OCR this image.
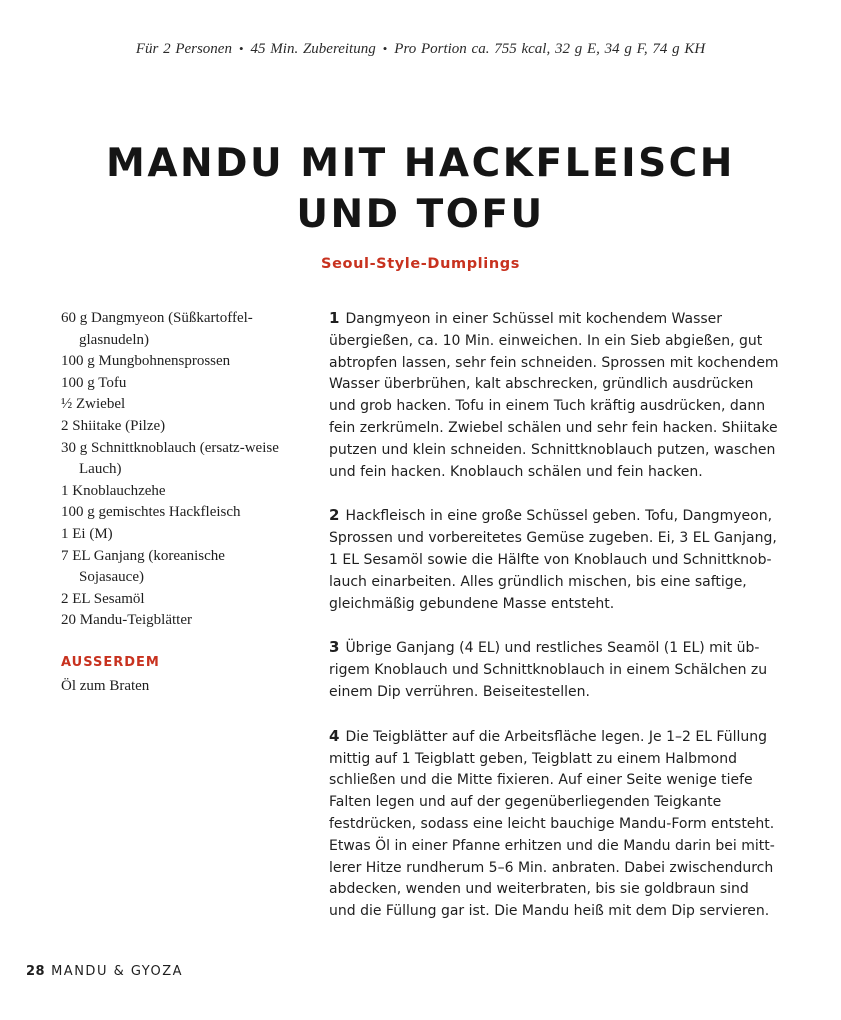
Für 2 Personen • 45 Min. Zubereitung • Pro Portion ca. 755 kcal, 32 g E, 34 g F, 74 g KH
MANDU MIT HACKFLEISCH
UND TOFU
Seoul-Style-Dumplings
60 g Dangmyeon (Süßkartoffel-glasnudeln)
100 g Mungbohnensprossen
100 g Tofu
½ Zwiebel
2 Shiitake (Pilze)
30 g Schnittknoblauch (ersatz-weise Lauch)
1 Knoblauchzehe
100 g gemischtes Hackfleisch
1 Ei (M)
7 EL Ganjang (koreanische Sojasauce)
2 EL Sesamöl
20 Mandu-Teigblätter
AUSSERDEM
Öl zum Braten

1 Dangmyeon in einer Schüssel mit kochendem Wasser übergießen, ca. 10 Min. einweichen. In ein Sieb abgießen, gut abtropfen lassen, sehr fein schneiden. Sprossen mit kochendem Wasser überbrühen, kalt abschrecken, gründlich ausdrücken und grob hacken. Tofu in einem Tuch kräftig ausdrücken, dann fein zerkrümeln. Zwiebel schälen und sehr fein hacken. Shiitake putzen und klein schneiden. Schnittknoblauch putzen, waschen und fein hacken. Knoblauch schälen und fein hacken.

2 Hackfleisch in eine große Schüssel geben. Tofu, Dangmyeon, Sprossen und vorbereitetes Gemüse zugeben. Ei, 3 EL Ganjang, 1 EL Sesamöl sowie die Hälfte von Knoblauch und Schnittknob-lauch einarbeiten. Alles gründlich mischen, bis eine saftige, gleichmäßig gebundene Masse entsteht.

3 Übrige Ganjang (4 EL) und restliches Seamöl (1 EL) mit üb-rigem Knoblauch und Schnittknoblauch in einem Schälchen zu einem Dip verrühren. Beiseitestellen.

4 Die Teigblätter auf die Arbeitsfläche legen. Je 1–2 EL Füllung mittig auf 1 Teigblatt geben, Teigblatt zu einem Halbmond schließen und die Mitte fixieren. Auf einer Seite wenige tiefe Falten legen und auf der gegenüberliegenden Teigkante festdrücken, sodass eine leicht bauchige Mandu-Form entsteht. Etwas Öl in einer Pfanne erhitzen und die Mandu darin bei mitt-lerer Hitze rundherum 5–6 Min. anbraten. Dabei zwischendurch abdecken, wenden und weiterbraten, bis sie goldbraun sind und die Füllung gar ist. Die Mandu heiß mit dem Dip servieren.

28 MANDU & GYOZA
